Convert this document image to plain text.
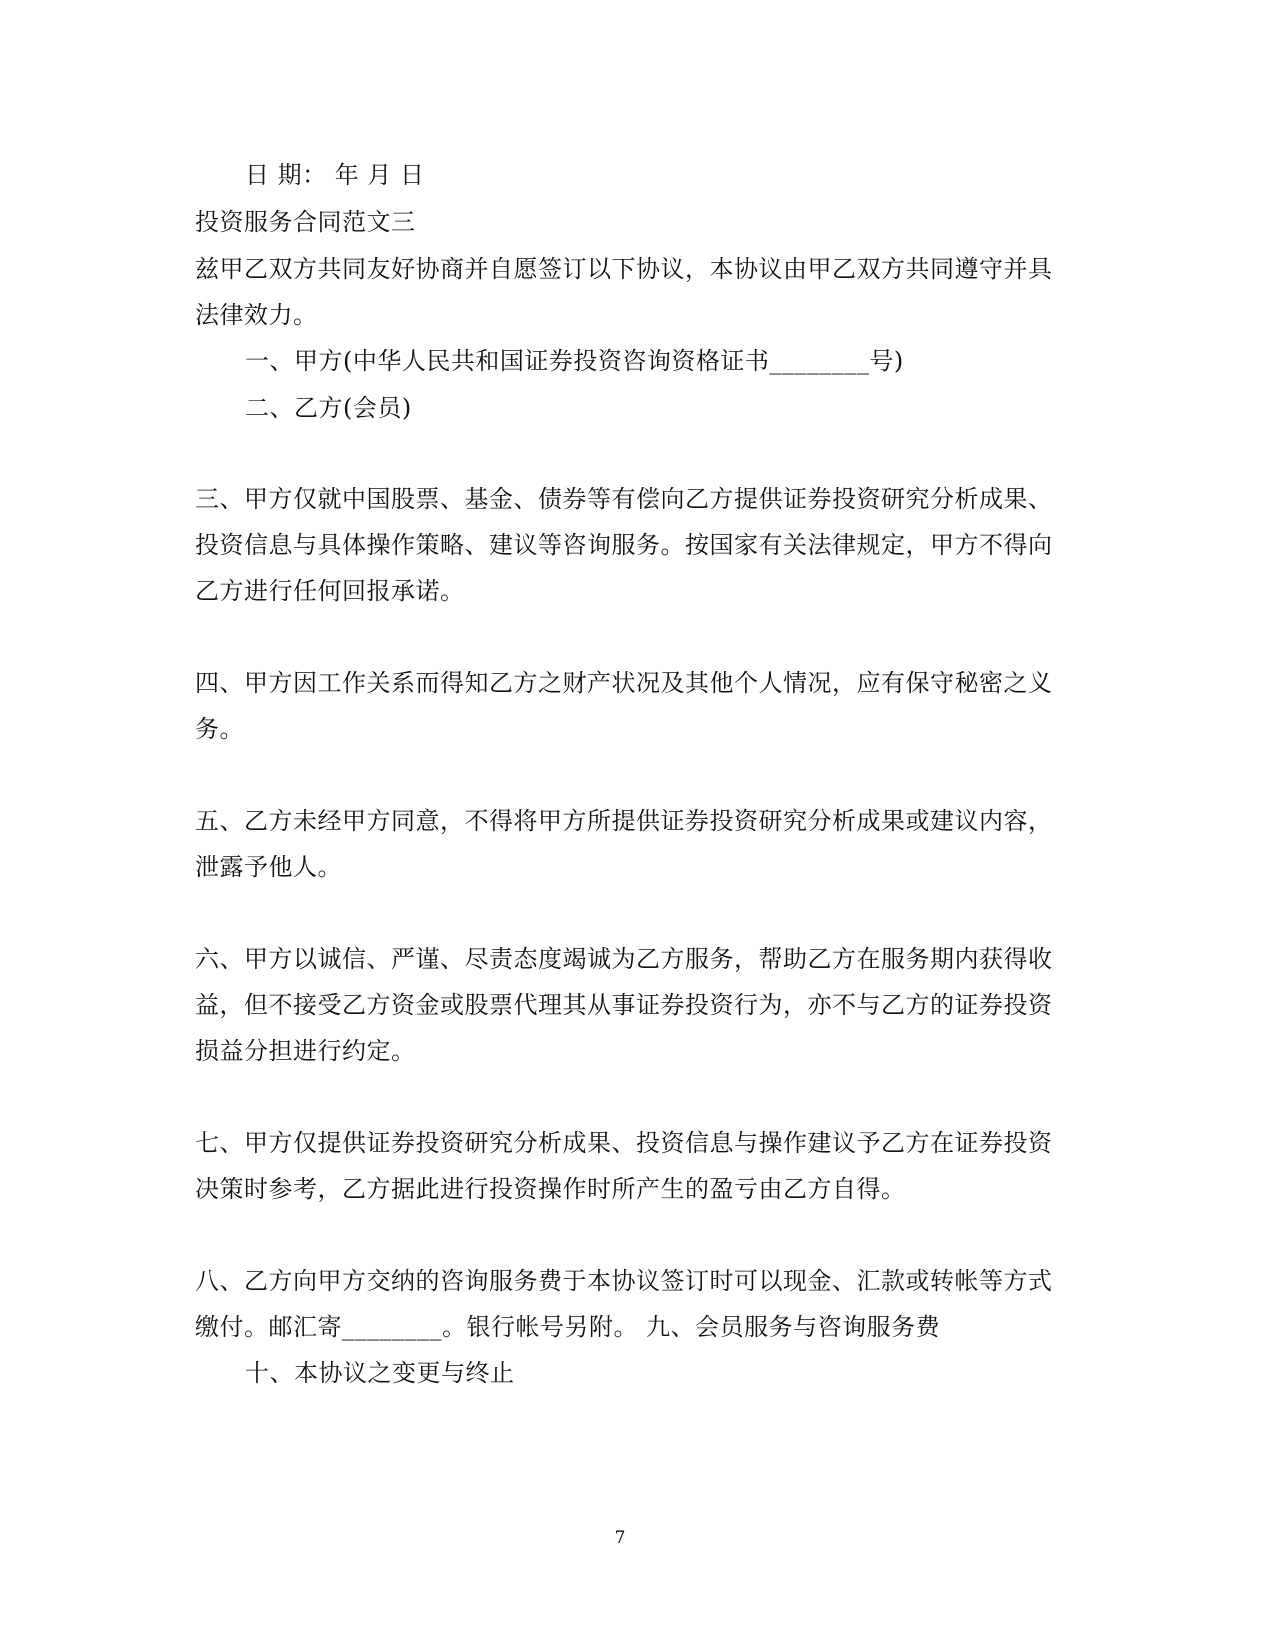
日 期： 年 月 日
投资服务合同范文三
兹甲乙双方共同友好协商并自愿签订以下协议，本协议由甲乙双方共同遵守并具
法律效力。
一、甲方(中华人民共和国证券投资咨询资格证书________号)
二、乙方(会员)
三、甲方仅就中国股票、基金、债券等有偿向乙方提供证券投资研究分析成果、
投资信息与具体操作策略、建议等咨询服务。按国家有关法律规定，甲方不得向
乙方进行任何回报承诺。
四、甲方因工作关系而得知乙方之财产状况及其他个人情况，应有保守秘密之义
务。
五、乙方未经甲方同意，不得将甲方所提供证券投资研究分析成果或建议内容，
泄露予他人。
六、甲方以诚信、严谨、尽责态度竭诚为乙方服务，帮助乙方在服务期内获得收
益，但不接受乙方资金或股票代理其从事证券投资行为，亦不与乙方的证券投资
损益分担进行约定。
七、甲方仅提供证券投资研究分析成果、投资信息与操作建议予乙方在证券投资
决策时参考，乙方据此进行投资操作时所产生的盈亏由乙方自得。
八、乙方向甲方交纳的咨询服务费于本协议签订时可以现金、汇款或转帐等方式
缴付。邮汇寄________。银行帐号另附。 九、会员服务与咨询服务费
十、本协议之变更与终止
7
